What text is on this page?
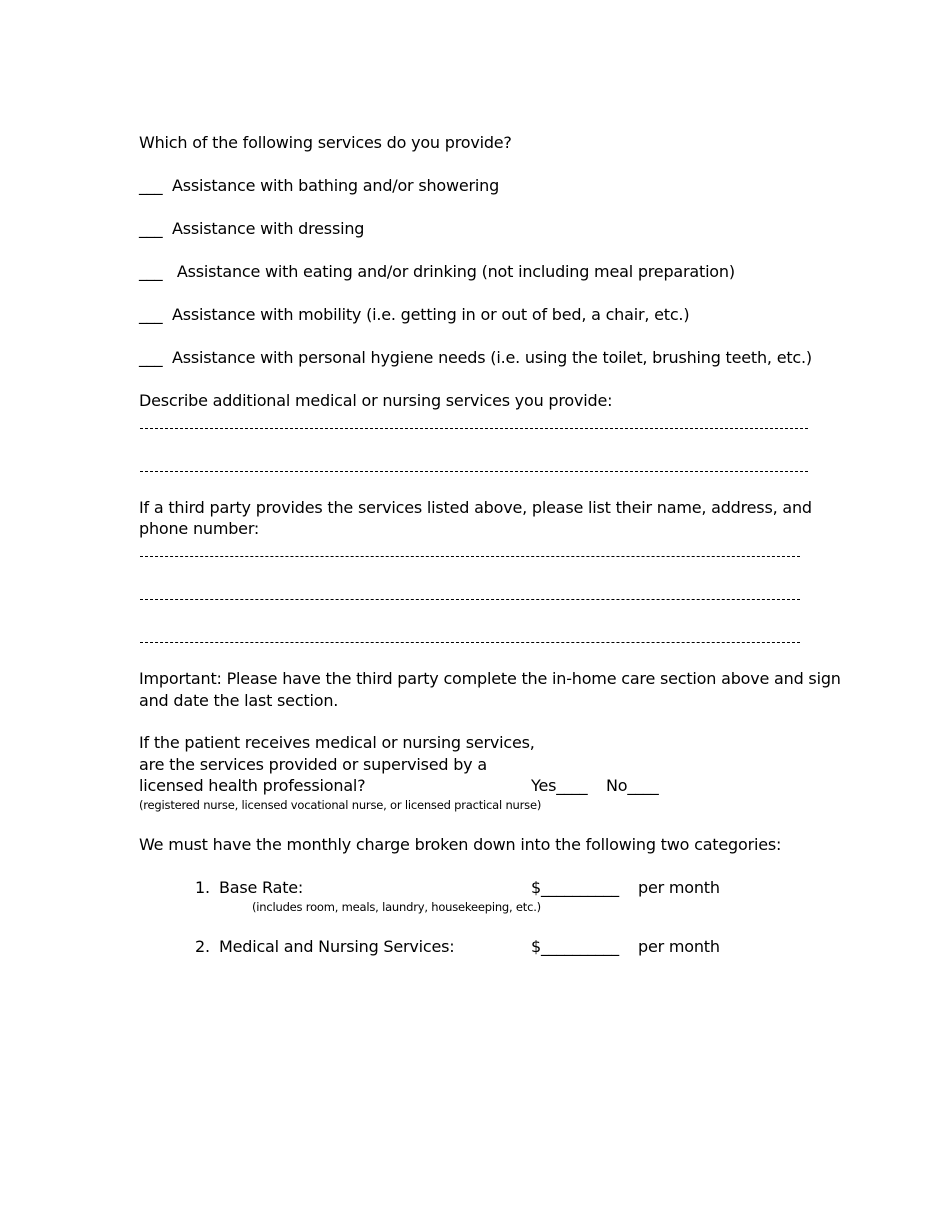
Which of the following services do you provide?
___ Assistance with bathing and/or showering
___ Assistance with dressing
___ Assistance with eating and/or drinking (not including meal preparation)
___ Assistance with mobility (i.e. getting in or out of bed, a chair, etc.)
___ Assistance with personal hygiene needs (i.e. using the toilet, brushing teeth, etc.)
Describe additional medical or nursing services you provide:
If a third party provides the services listed above, please list their name, address, and
phone number:
Important: Please have the third party complete the in-home care section above and sign
and date the last section.
If the patient receives medical or nursing services,
are the services provided or supervised by a
licensed health professional?	Yes____ No____
(registered nurse, licensed vocational nurse, or licensed practical nurse)
We must have the monthly charge broken down into the following two categories:
1. Base Rate:	$__________ per month
(includes room, meals, laundry, housekeeping, etc.)
2. Medical and Nursing Services:	$__________ per month
